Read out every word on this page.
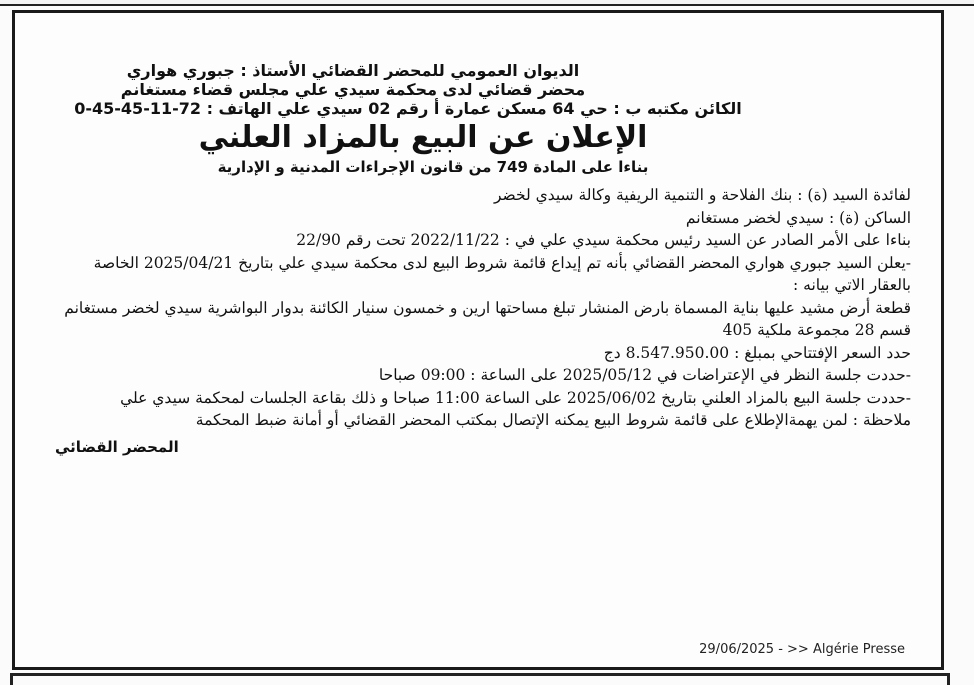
الديوان العمومي للمحضر القضائي الأستاذ : جبوري هواري
محضر قضائي لدى محكمة سيدي علي مجلس قضاء مستغانم
الكائن مكتبه ب : حي 64 مسكن عمارة أ رقم 02 سيدي علي الهاتف : 72-11-45-45-0
الإعلان عن البيع بالمزاد العلني
بناءا على المادة 749 من قانون الإجراءات المدنية و الإدارية
لفائدة السيد (ة) : بنك الفلاحة و التنمية الريفية وكالة سيدي لخضر
الساكن (ة) : سيدي لخضر مستغانم
بناءا على الأمر الصادر عن السيد رئيس محكمة سيدي علي في : 2022/11/22 تحت رقم 22/90
-يعلن السيد جبوري هواري المحضر القضائي بأنه تم إيداع قائمة شروط البيع لدى محكمة سيدي علي بتاريخ 2025/04/21 الخاصة بالعقار الاتي بيانه :
قطعة أرض مشيد عليها بناية المسماة بارض المنشار تبلغ مساحتها ارين و خمسون سنيار الكائنة بدوار البواشرية سيدي لخضر مستغانم قسم 28 مجموعة ملكية 405
حدد السعر الإفتتاحي بمبلغ : 8.547.950.00 دج
-حددت جلسة النظر في الإعتراضات في 2025/05/12 على الساعة : 09:00 صباحا
-حددت جلسة البيع بالمزاد العلني بتاريخ 2025/06/02 على الساعة 11:00 صباحا و ذلك بقاعة الجلسات لمحكمة سيدي علي
ملاحظة : لمن يهمةالإطلاع على قائمة شروط البيع يمكنه الإتصال بمكتب المحضر القضائي أو أمانة ضبط المحكمة
المحضر القضائي
29/06/2025 - >> Algérie Presse
